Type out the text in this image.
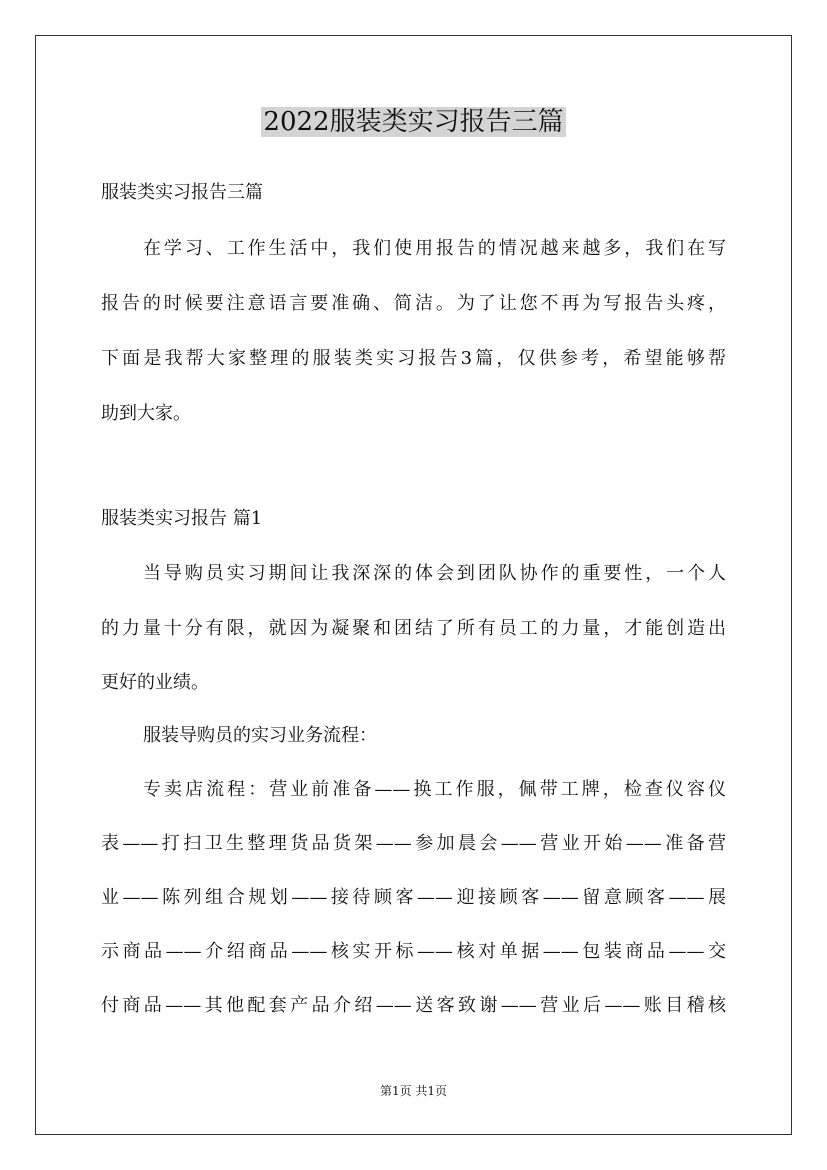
2022服装类实习报告三篇

服装类实习报告三篇

在学习、工作生活中，我们使用报告的情况越来越多，我们在写

报告的时候要注意语言要准确、简洁。为了让您不再为写报告头疼，

下面是我帮大家整理的服装类实习报告3篇，仅供参考，希望能够帮

助到大家。

服装类实习报告 篇1

当导购员实习期间让我深深的体会到团队协作的重要性，一个人

的力量十分有限，就因为凝聚和团结了所有员工的力量，才能创造出

更好的业绩。

服装导购员的实习业务流程：

专卖店流程：营业前准备——换工作服，佩带工牌，检查仪容仪

表——打扫卫生整理货品货架——参加晨会——营业开始——准备营

业——陈列组合规划——接待顾客——迎接顾客——留意顾客——展

示商品——介绍商品——核实开标——核对单据——包装商品——交

付商品——其他配套产品介绍——送客致谢——营业后——账目稽核

第1页 共1页
